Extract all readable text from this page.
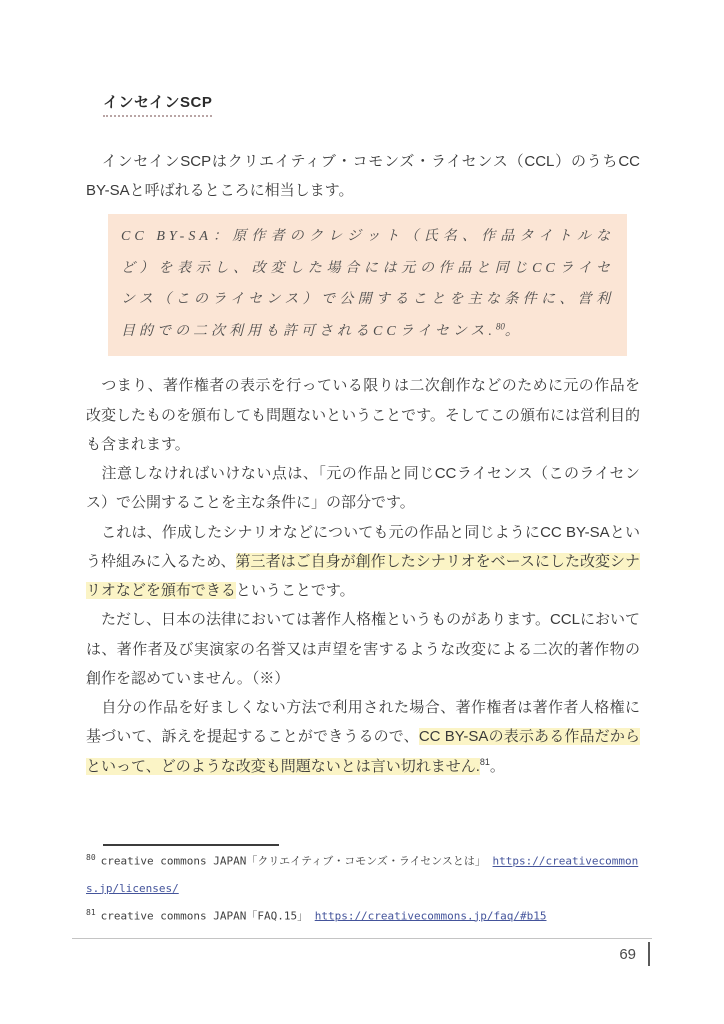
インセインSCP

　インセインSCPはクリエイティブ・コモンズ・ライセンス（CCL）のうちCC BY-SAと呼ばれるところに相当します。

CC BY-SA：原作者のクレジット（氏名、作品タイトルなど）を表示し、改変した場合には元の作品と同じCCライセンス（このライセンス）で公開することを主な条件に、営利目的での二次利用も許可されるCCライセンス.$^{80}$。

　つまり、著作権者の表示を行っている限りは二次創作などのために元の作品を改変したものを頒布しても問題ないということです。そしてこの頒布には営利目的も含まれます。

　注意しなければいけない点は、「元の作品と同じCCライセンス（このライセンス）で公開することを主な条件に」の部分です。

　これは、作成したシナリオなどについても元の作品と同じようにCC BY-SAという枠組みに入るため、第三者はご自身が創作したシナリオをベースにした改変シナリオなどを頒布できるということです。

　ただし、日本の法律においては著作人格権というものがあります。CCLにおいては、著作者及び実演家の名誉又は声望を害するような改変による二次的著作物の創作を認めていません。（※）

　自分の作品を好ましくない方法で利用された場合、著作権者は著作者人格権に基づいて、訴えを提起することができうるので、CC BY-SAの表示ある作品だからといって、どのような改変も問題ないとは言い切れません.$^{81}$。

$^{80}$ creative commons JAPAN「クリエイティブ・コモンズ・ライセンスとは」 https://creativecommons.jp/licenses/

$^{81}$ creative commons JAPAN「FAQ.15」 https://creativecommons.jp/faq/#b15

69
